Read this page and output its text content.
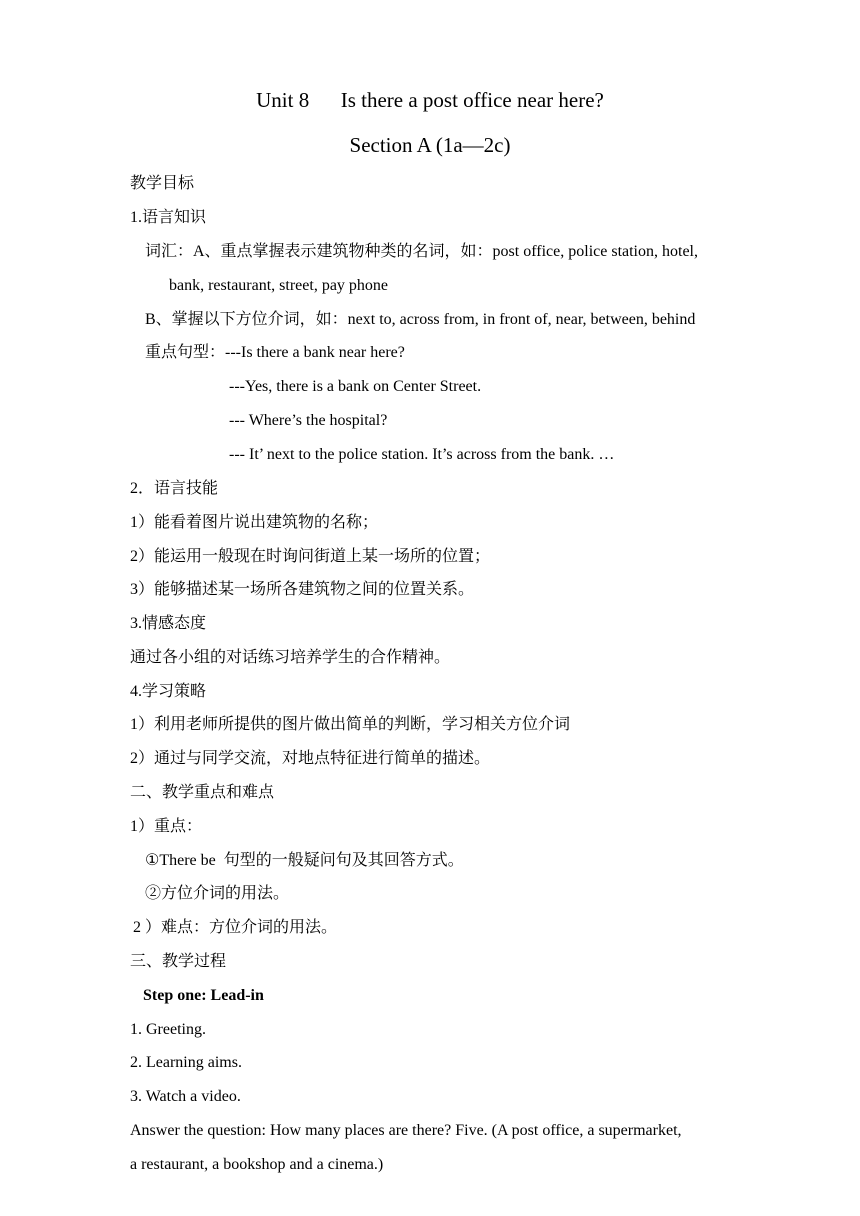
Unit 8      Is there a post office near here?
Section A (1a—2c)
教学目标
1.语言知识
词汇：A、重点掌握表示建筑物种类的名词，如：post office, police station, hotel,
bank, restaurant, street, pay phone
B、掌握以下方位介词，如：next to, across from, in front of, near, between, behind
重点句型：---Is there a bank near here?
---Yes, there is a bank on Center Street.
--- Where’s the hospital?
--- It’ next to the police station. It’s across from the bank. …
2．语言技能
1）能看着图片说出建筑物的名称；
2）能运用一般现在时询问街道上某一场所的位置；
3）能够描述某一场所各建筑物之间的位置关系。
3.情感态度
通过各小组的对话练习培养学生的合作精神。
4.学习策略
1）利用老师所提供的图片做出简单的判断，学习相关方位介词
2）通过与同学交流，对地点特征进行简单的描述。
二、教学重点和难点
1）重点：
①There be  句型的一般疑问句及其回答方式。
②方位介词的用法。
2 ）难点：方位介词的用法。
三、教学过程
Step one: Lead-in
1. Greeting.
2. Learning aims.
3. Watch a video.
Answer the question: How many places are there? Five. (A post office, a supermarket,
a restaurant, a bookshop and a cinema.)
